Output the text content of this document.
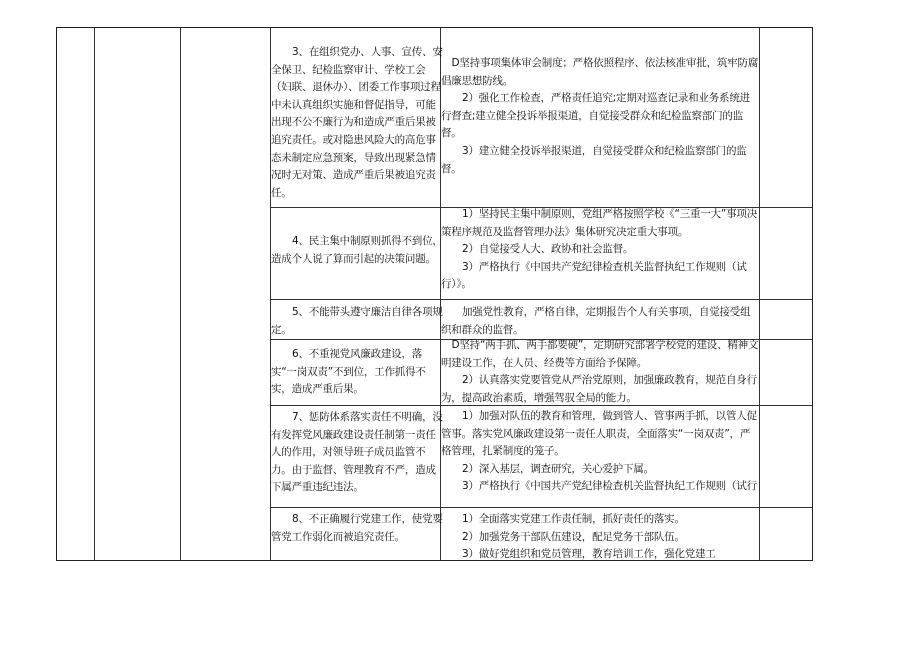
3、在组织党办、人事、宣传、安全保卫、纪检监察审计、学校工会（妇联、退休办）、团委工作事项过程中未认真组织实施和督促指导，可能出现不公不廉行为和造成严重后果被追究责任。或对隐患风险大的高危事态未制定应急预案，导致出现紧急情况时无对策、造成严重后果被追究责任。

D坚持事项集体审会制度；严格依照程序、依法核准审批，筑牢防腐倡廉思想防线。

2）强化工作检查，严格责任追究;定期对巡查记录和业务系统进行督查;建立健全投诉举报渠道，自觉接受群众和纪检监察部门的监督。

3）建立健全投诉举报渠道，自觉接受群众和纪检监察部门的监督。

4、民主集中制原则抓得不到位，造成个人说了算而引起的决策问题。

1）坚持民主集中制原则，党组严格按照学校《“三重一大”事项决策程序规范及监督管理办法》集体研究决定重大事项。

2）自觉接受人大、政协和社会监督。

3）严格执行《中国共产党纪律检查机关监督执纪工作规则（试行）》。

5、不能带头遵守廉洁自律各项规定。

加强党性教育，严格自律，定期报告个人有关事项，自觉接受组织和群众的监督。

6、不重视党风廉政建设，落实“一岗双责”不到位，工作抓得不实，造成严重后果。

D坚持“两手抓、两手都要硬”，定期研究部署学校党的建设、精神文明建设工作，在人员、经费等方面给予保障。

2）认真落实党要管党从严治党原则，加强廉政教育，规范自身行为，提高政治素质，增强驾驭全局的能力。

7、惩防体系落实责任不明确，没有发挥党风廉政建设责任制第一责任人的作用，对领导班子成员监管不力。由于监督、管理教育不严，造成下属严重违纪违法。

1）加强对队伍的教育和管理，做到管人、管事两手抓，以管人促管事。落实党风廉政建设第一责任人职责，全面落实“一岗双责”，严格管理，扎紧制度的笼子。

2）深入基层，调查研究，关心爱护下属。

3）严格执行《中国共产党纪律检查机关监督执纪工作规则（试行

8、不正确履行党建工作，使党要管党工作弱化而被追究责任。

1）全面落实党建工作责任制，抓好责任的落实。

2）加强党务干部队伍建设，配足党务干部队伍。

3）做好党组织和党员管理，教育培训工作，强化党建工
